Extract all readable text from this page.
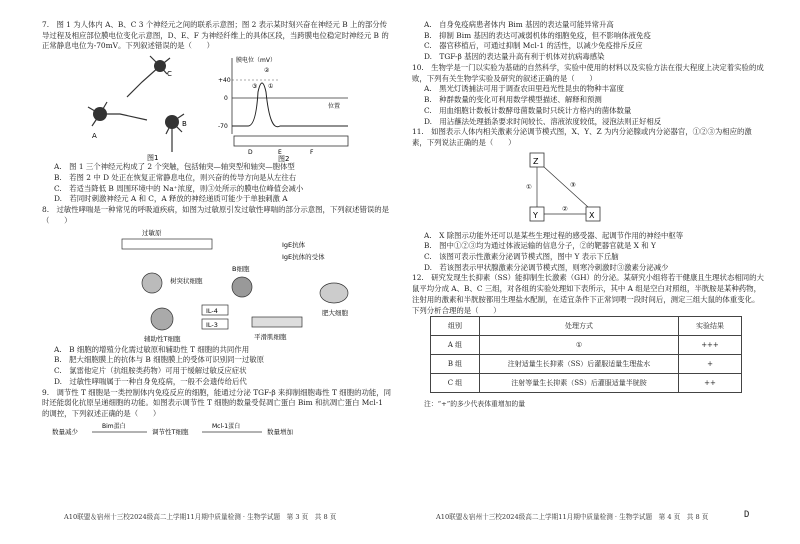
7.　图 1 为人体内 A、B、C 3 个神经元之间的联系示意图；图 2 表示某时刻兴奋在神经元 B 上的部分传导过程及相应部位膜电位变化示意图，D、E、F 为神经纤维上的具体区段，当跨膜电位稳定时神经元 B 的正常静息电位为-70mV。下列叙述错误的是（　　）

A
B
C
图1
膜电位（mV）
+40
0
-70
位置
①
②
③
D	E	F
图2

A.　图 1 三个神经元构成了 2 个突触，包括轴突—轴突型和轴突—胞体型

B.　若图 2 中 D 处正在恢复正常静息电位，则兴奋的传导方向是从左往右

C.　若适当降低 B 周围环境中的 Na⁺浓度，则③处所示的膜电位峰值会减小

D.　若同时刺激神经元 A 和 C，A 释放的神经递质可能少于单独刺激 A

8.　过敏性哮喘是一种常见的呼吸道疾病，如图为过敏原引发过敏性哮喘的部分示意图，下列叙述错误的是（　　）

过敏原
IgE抗体
IgE抗体的受体
树突状细胞
B细胞
肥大细胞
辅助性T细胞
IL-4
IL-3
平滑肌细胞

A.　B 细胞的增殖分化需过敏原和辅助性 T 细胞的共同作用

B.　肥大细胞膜上的抗体与 B 细胞膜上的受体可识别同一过敏原

C.　氯雷他定片（抗组胺类药物）可用于缓解过敏反应症状

D.　过敏性哮喘属于一种自身免疫病，一般不会遗传给后代

9.　调节性 T 细胞是一类控制体内免疫反应的细胞，能通过分泌 TGF-β 来抑制细胞毒性 T 细胞的功能，同时还能弱化抗原呈递细胞的功能。如图表示调节性 T 细胞的数量受促凋亡蛋白 Bim 和抗凋亡蛋白 Mcl-1 的调控，下列叙述正确的是（　　）

数量减少
Bim蛋白
调节性T细胞
Mcl-1蛋白
数量增加

A.　自身免疫病患者体内 Bim 基因的表达量可能异常升高

B.　抑制 Bim 基因的表达可减弱机体的细胞免疫，但不影响体液免疫

C.　器官移植后，可通过抑制 Mcl-1 的活性，以减少免疫排斥反应

D.　TGF-β 基因的表达量升高有利于机体对抗病毒感染

10.　生物学是一门以实验为基础的自然科学，实验中使用的材料以及实验方法在很大程度上决定着实验的成败，下列有关生物学实验及研究的叙述正确的是（　　）

A.　黑光灯诱捕法可用于调查农田里趋光性昆虫的物种丰富度

B.　种群数量的变化可利用数学模型描述、解释和预测

C.　用血细胞计数板计数酵母菌数量时只统计方格内的菌体数量

D.　用沾蘸法处理插条要求时间较长、溶液浓度较低，浸泡法则正好相反

11.　如图表示人体内相关激素分泌调节模式图，X、Y、Z 为内分泌腺或内分泌器官，①②③为相应的激素，下列说法正确的是（　　）

Z
Y	X
①
②
③

A.　X 除图示功能外还可以是某些生理过程的感受器、起调节作用的神经中枢等

B.　图中①②③均为通过体液运输的信息分子，②的靶器官就是 X 和 Y

C.　该图可表示性激素分泌调节模式图，图中 Y 表示下丘脑

D.　若该图表示甲状腺激素分泌调节模式图，则寒冷刺激时③激素分泌减少

12.　研究发现生长抑素（SS）能抑制生长激素（GH）的分泌。某研究小组将若干健康且生理状态相同的大鼠平均分成 A、B、C 三组，对各组的实验处理如下表所示，其中 A 组是空白对照组，半胱胺是某种药物，注射用的激素和半胱胺都用生理盐水配制，在适宜条件下正常饲喂一段时间后，测定三组大鼠的体重变化。下列分析合理的是（　　）

组别	处理方式	实验结果
A 组	①	+++
B 组	注射适量生长抑素（SS）后灌服适量生理盐水	+
C 组	注射等量生长抑素（SS）后灌服适量半胱胺	++

注：“+”的多少代表体重增加的量

A10联盟＆宿州十三校2024级高二上学期11月期中质量检测 · 生物学试题　第 3 页　共 8 页	A10联盟＆宿州十三校2024级高二上学期11月期中质量检测 · 生物学试题　第 4 页　共 8 页	D
